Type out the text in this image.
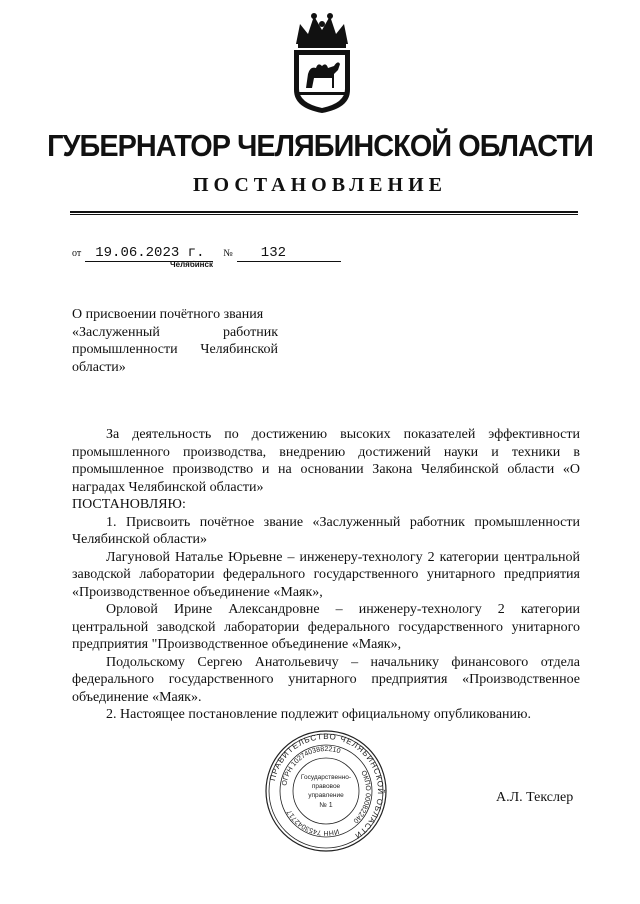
ГУБЕРНАТОР ЧЕЛЯБИНСКОЙ ОБЛАСТИ
ПОСТАНОВЛЕНИЕ
от 19.06.2023 г. № 132
Челябинск
О присвоении почётного звания
«Заслуженный работник
промышленности Челябинской
области»

За деятельность по достижению высоких показателей эффективности промышленного производства, внедрению достижений науки и техники в промышленное производство и на основании Закона Челябинской области «О наградах Челябинской области»

ПОСТАНОВЛЯЮ:

1. Присвоить почётное звание «Заслуженный работник промышленности Челябинской области»

Лагуновой Наталье Юрьевне – инженеру-технологу 2 категории центральной заводской лаборатории федерального государственного унитарного предприятия «Производственное объединение «Маяк»,

Орловой Ирине Александровне – инженеру-технологу 2 категории центральной заводской лаборатории федерального государственного унитарного предприятия "Производственное объединение «Маяк»,

Подольскому Сергею Анатольевичу – начальнику финансового отдела федерального государственного унитарного предприятия «Производственное объединение «Маяк».

2. Настоящее постановление подлежит официальному опубликованию.

ПРАВИТЕЛЬСТВО ЧЕЛЯБИНСКОЙ ОБЛАСТИ
ОГРН 1027403882210
ОКПО 00082240
ИНН 7453042717
Государственно-
правовое
управление
№ 1
А.Л. Текслер
